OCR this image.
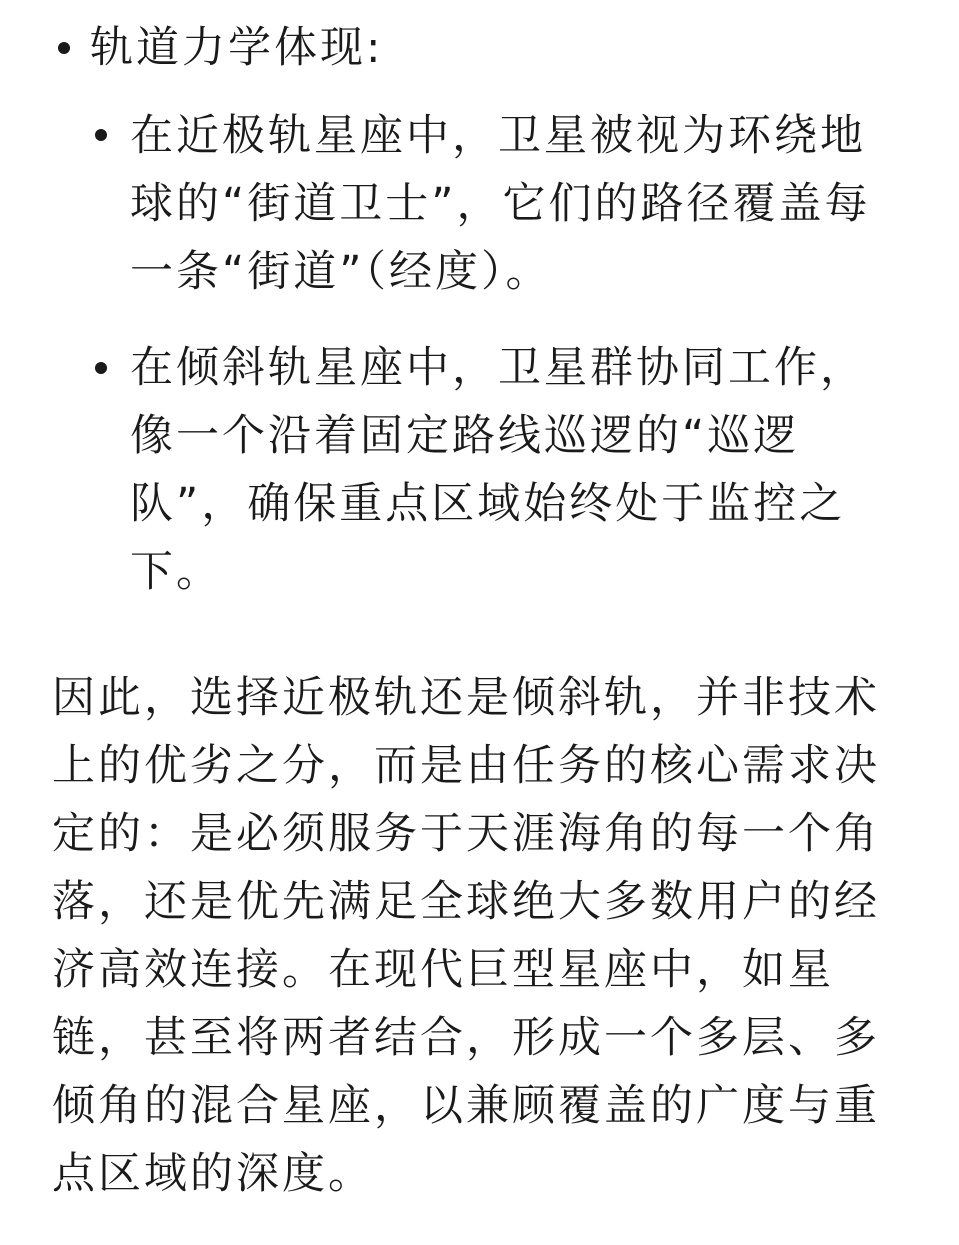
轨道力学体现:
在近极轨星座中，卫星被视为环绕地
球的“街道卫士”，它们的路径覆盖每
一条“街道”（经度）。
在倾斜轨星座中，卫星群协同工作，
像一个沿着固定路线巡逻的“巡逻
队”，确保重点区域始终处于监控之
下。
因此，选择近极轨还是倾斜轨，并非技术
上的优劣之分，而是由任务的核心需求决
定的：是必须服务于天涯海角的每一个角
落，还是优先满足全球绝大多数用户的经
济高效连接。在现代巨型星座中，如星
链，甚至将两者结合，形成一个多层、多
倾角的混合星座，以兼顾覆盖的广度与重
点区域的深度。
